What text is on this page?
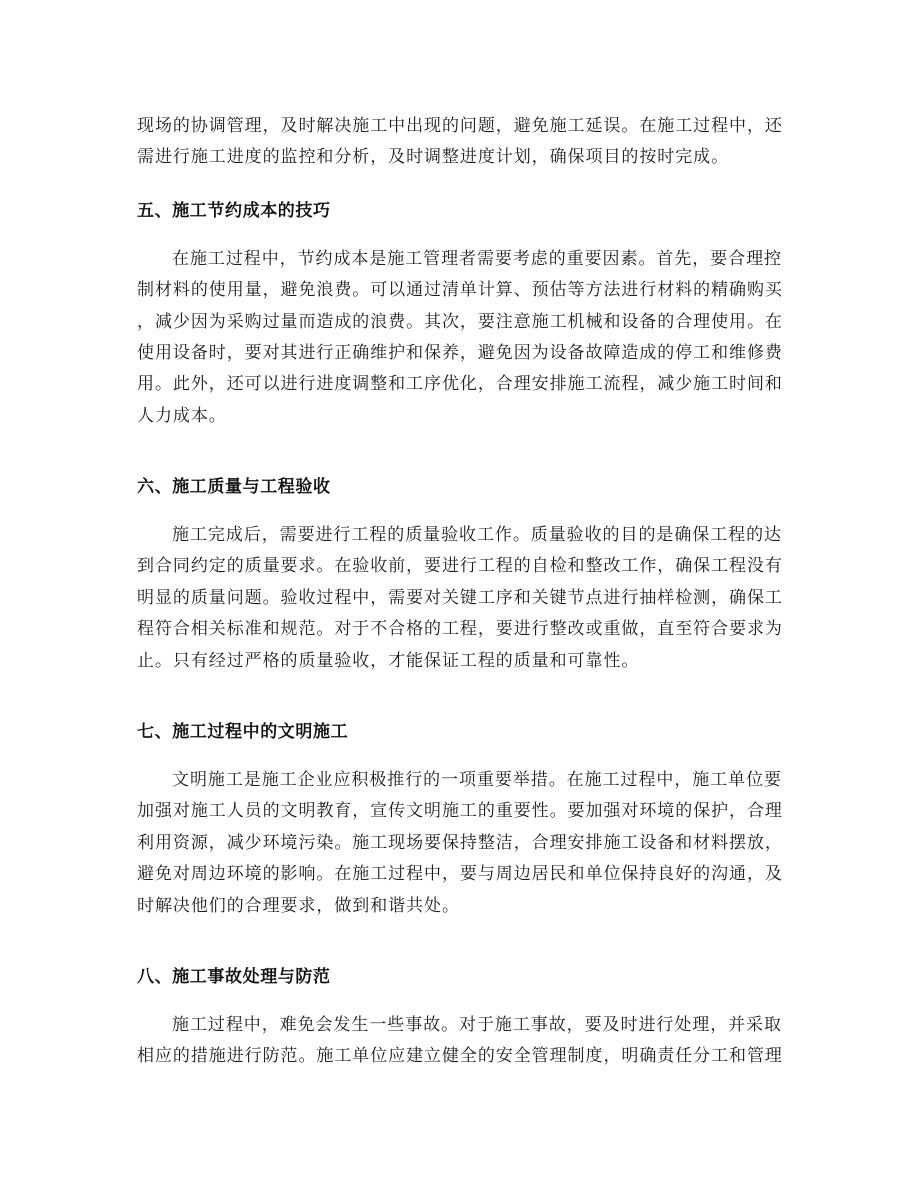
现场的协调管理，及时解决施工中出现的问题，避免施工延误。在施工过程中，还
需进行施工进度的监控和分析，及时调整进度计划，确保项目的按时完成。
五、施工节约成本的技巧
在施工过程中，节约成本是施工管理者需要考虑的重要因素。首先，要合理控
制材料的使用量，避免浪费。可以通过清单计算、预估等方法进行材料的精确购买
，减少因为采购过量而造成的浪费。其次，要注意施工机械和设备的合理使用。在
使用设备时，要对其进行正确维护和保养，避免因为设备故障造成的停工和维修费
用。此外，还可以进行进度调整和工序优化，合理安排施工流程，减少施工时间和
人力成本。
六、施工质量与工程验收
施工完成后，需要进行工程的质量验收工作。质量验收的目的是确保工程的达
到合同约定的质量要求。在验收前，要进行工程的自检和整改工作，确保工程没有
明显的质量问题。验收过程中，需要对关键工序和关键节点进行抽样检测，确保工
程符合相关标准和规范。对于不合格的工程，要进行整改或重做，直至符合要求为
止。只有经过严格的质量验收，才能保证工程的质量和可靠性。
七、施工过程中的文明施工
文明施工是施工企业应积极推行的一项重要举措。在施工过程中，施工单位要
加强对施工人员的文明教育，宣传文明施工的重要性。要加强对环境的保护，合理
利用资源，减少环境污染。施工现场要保持整洁，合理安排施工设备和材料摆放，
避免对周边环境的影响。在施工过程中，要与周边居民和单位保持良好的沟通，及
时解决他们的合理要求，做到和谐共处。
八、施工事故处理与防范
施工过程中，难免会发生一些事故。对于施工事故，要及时进行处理，并采取
相应的措施进行防范。施工单位应建立健全的安全管理制度，明确责任分工和管理
